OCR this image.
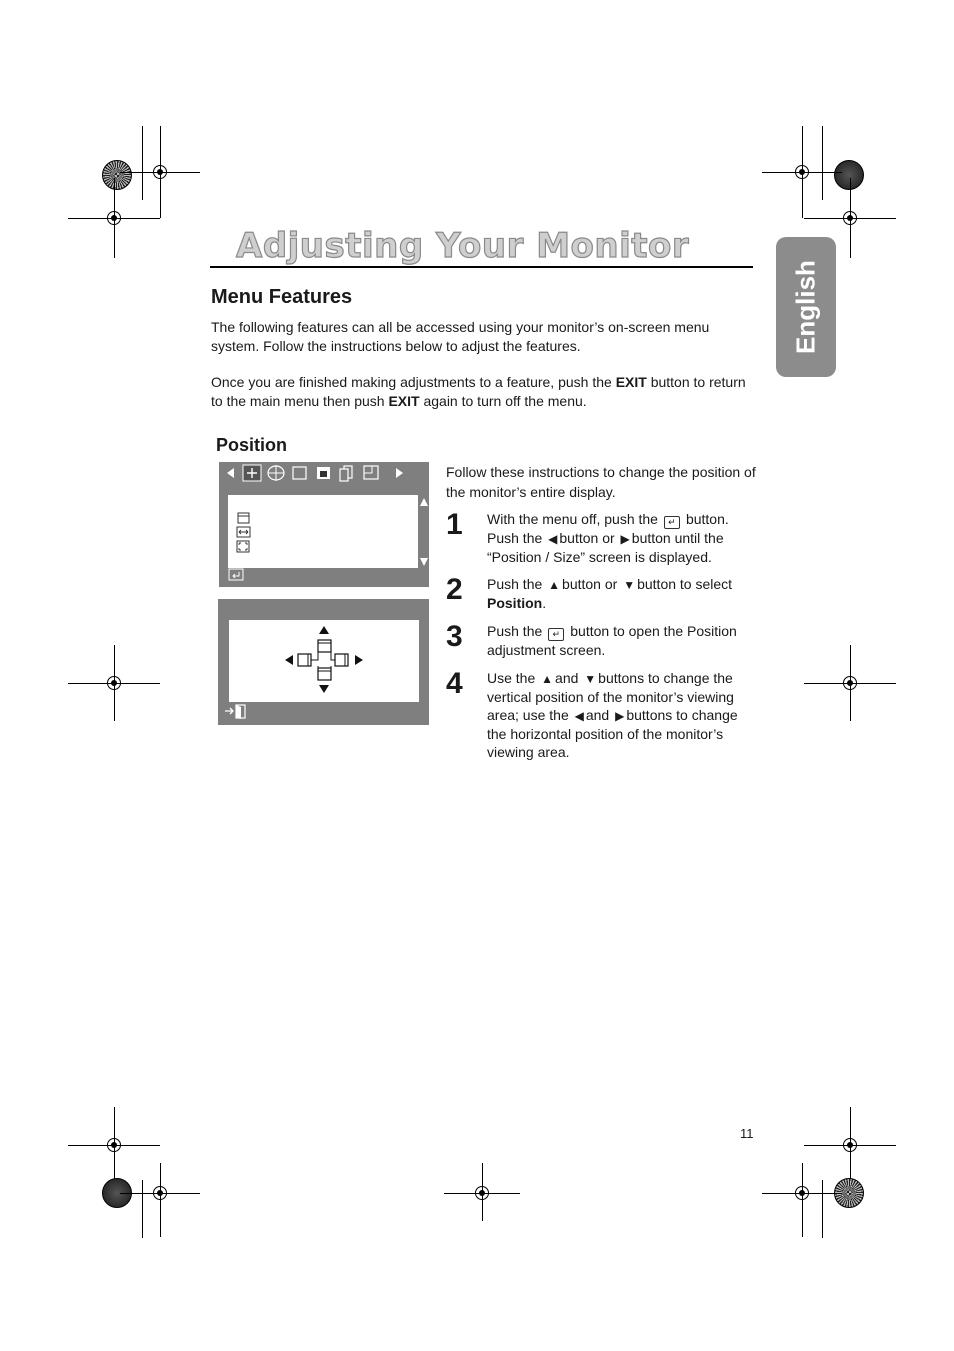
Adjusting Your Monitor
English
Menu Features

The following features can all be accessed using your monitor’s on-screen menu system. Follow the instructions below to adjust the features.

Once you are finished making adjustments to a feature, push the EXIT button to return to the main menu then push EXIT again to turn off the menu.

Position

Follow these instructions to change the position of the monitor’s entire display.

1 With the menu off, push the ↵ button. Push the ◀ button or ▶ button until the “Position / Size” screen is displayed.

2 Push the ▲ button or ▼ button to select
Position.

3 Push the ↵ button to open the Position adjustment screen.

4 Use the ▲ and ▼ buttons to change the vertical position of the monitor’s viewing area; use the ◀ and ▶ buttons to change the horizontal position of the monitor’s viewing area.

11
